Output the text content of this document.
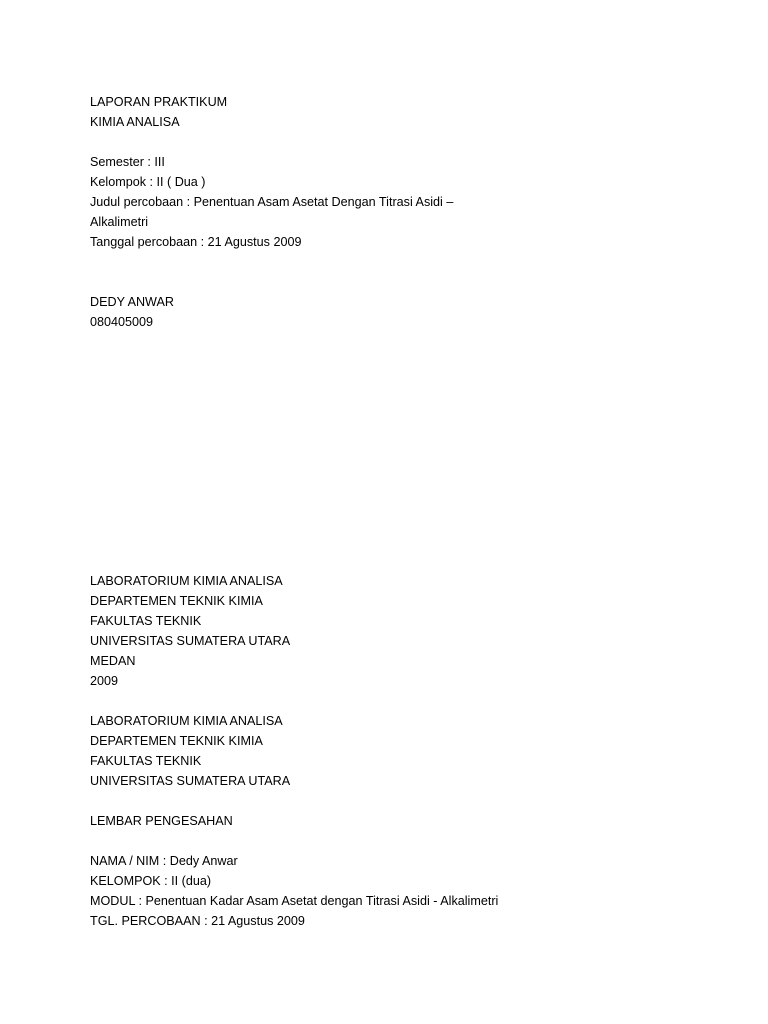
LAPORAN PRAKTIKUM
KIMIA ANALISA
Semester : III
Kelompok : II ( Dua )
Judul percobaan : Penentuan Asam Asetat Dengan Titrasi Asidi –
Alkalimetri
Tanggal percobaan : 21 Agustus 2009
DEDY ANWAR
080405009
LABORATORIUM KIMIA ANALISA
DEPARTEMEN TEKNIK KIMIA
FAKULTAS TEKNIK
UNIVERSITAS SUMATERA UTARA
MEDAN
2009
LABORATORIUM KIMIA ANALISA
DEPARTEMEN TEKNIK KIMIA
FAKULTAS TEKNIK
UNIVERSITAS SUMATERA UTARA
LEMBAR PENGESAHAN
NAMA / NIM : Dedy Anwar
KELOMPOK : II (dua)
MODUL : Penentuan Kadar Asam Asetat dengan Titrasi Asidi - Alkalimetri
TGL. PERCOBAAN : 21 Agustus 2009
